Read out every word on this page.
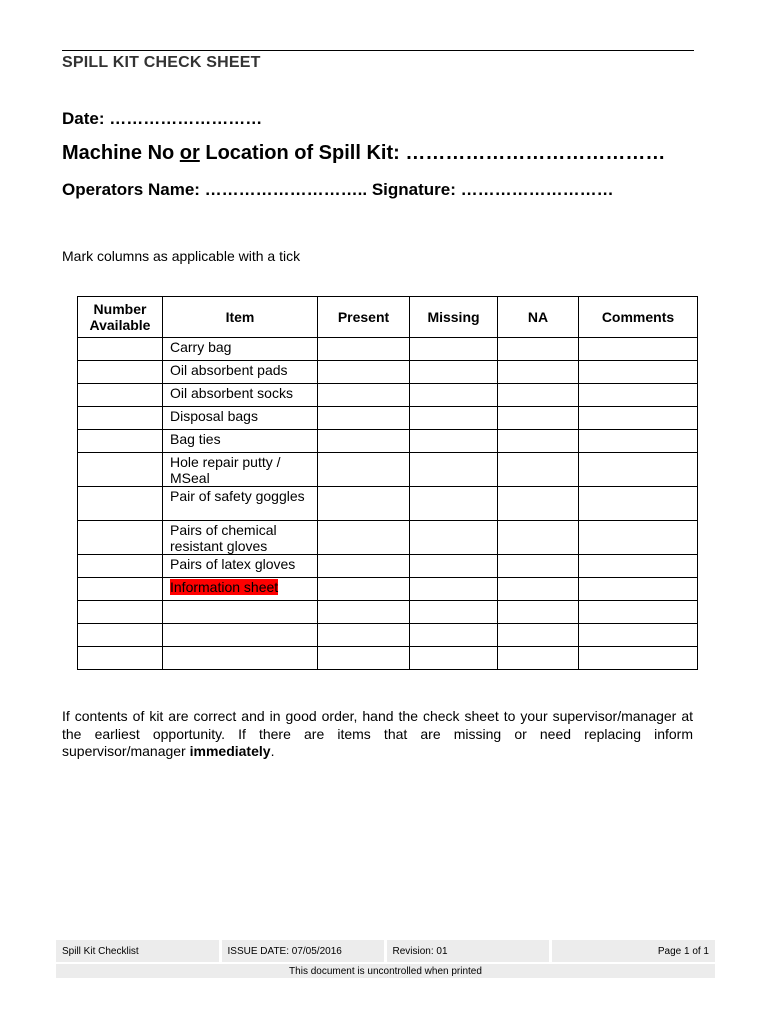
SPILL KIT CHECK SHEET
Date: ………………………
Machine No or Location of Spill Kit: …………………………………
Operators Name: ……………………….. Signature: ………………………
Mark columns as applicable with a tick
Number
Available	Item	Present	Missing	NA	Comments
	Carry bag				
	Oil absorbent pads				
	Oil absorbent socks				
	Disposal bags				
	Bag ties				
	Hole repair putty / MSeal				
	Pair of safety goggles				
	Pairs of chemical resistant gloves				
	Pairs of latex gloves				
	Information sheet				

If contents of kit are correct and in good order, hand the check sheet to your supervisor/manager at the earliest opportunity. If there are items that are missing or need replacing inform supervisor/manager immediately.
Spill Kit Checklist	ISSUE DATE: 07/05/2016	Revision: 01	Page 1 of 1
This document is uncontrolled when printed
